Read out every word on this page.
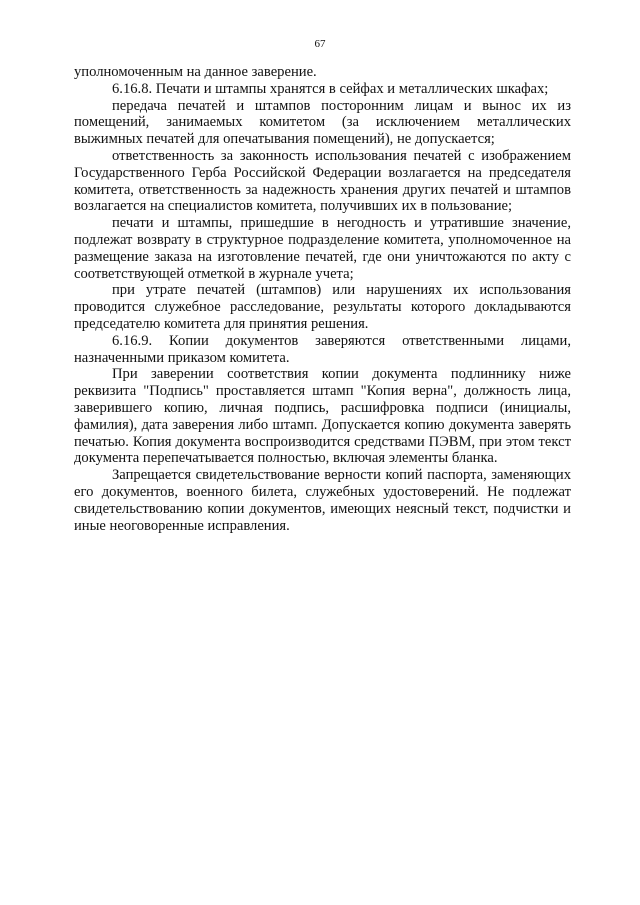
67

уполномоченным на данное заверение.

6.16.8. Печати и штампы хранятся в сейфах и металлических шкафах;

передача печатей и штампов посторонним лицам и вынос их из помещений, занимаемых комитетом (за исключением металлических выжимных печатей для опечатывания помещений), не допускается;

ответственность за законность использования печатей с изображением Государственного Герба Российской Федерации возлагается на председателя комитета, ответственность за надежность хранения других печатей и штампов возлагается на специалистов комитета, получивших их в пользование;

печати и штампы, пришедшие в негодность и утратившие значение, подлежат возврату в структурное подразделение комитета, уполномоченное на размещение заказа на изготовление печатей, где они уничтожаются по акту с соответствующей отметкой в журнале учета;

при утрате печатей (штампов) или нарушениях их использования проводится служебное расследование, результаты которого докладываются председателю комитета для принятия решения.

6.16.9. Копии документов заверяются ответственными лицами, назначенными приказом комитета.

При заверении соответствия копии документа подлиннику ниже реквизита "Подпись" проставляется штамп "Копия верна", должность лица, заверившего копию, личная подпись, расшифровка подписи (инициалы, фамилия), дата заверения либо штамп. Допускается копию документа заверять печатью. Копия документа воспроизводится средствами ПЭВМ, при этом текст документа перепечатывается полностью, включая элементы бланка.

Запрещается свидетельствование верности копий паспорта, заменяющих его документов, военного билета, служебных удостоверений. Не подлежат свидетельствованию копии документов, имеющих неясный текст, подчистки и иные неоговоренные исправления.
